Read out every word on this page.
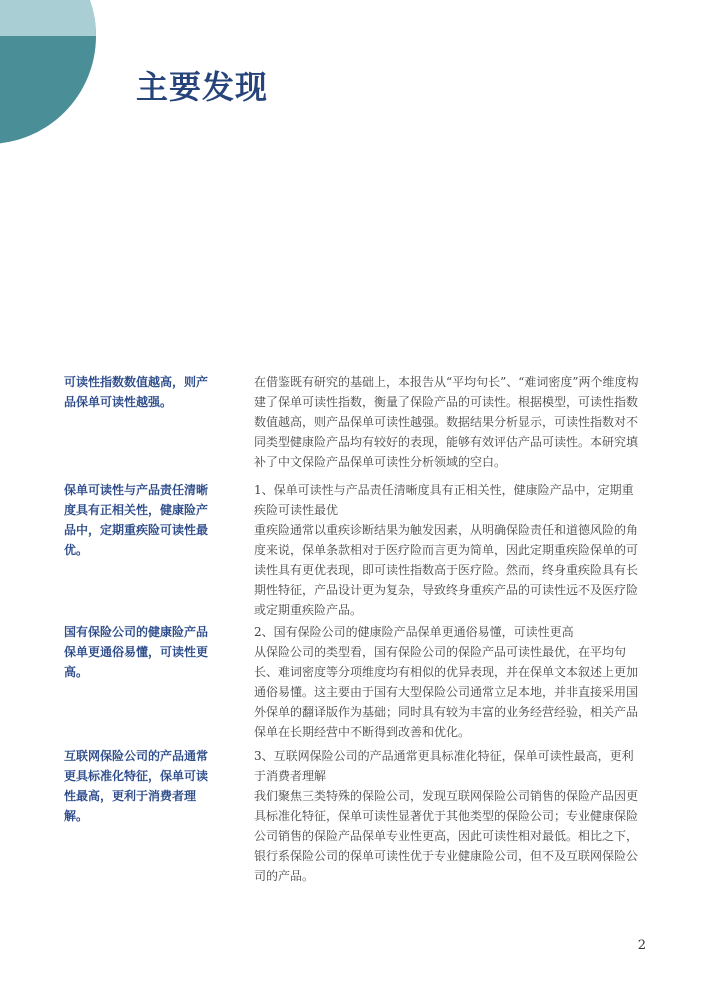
主要发现

可读性指数数值越高，则产品保单可读性越强。

在借鉴既有研究的基础上，本报告从“平均句长”、“难词密度”两个维度构建了保单可读性指数，衡量了保险产品的可读性。根据模型，可读性指数数值越高，则产品保单可读性越强。数据结果分析显示，可读性指数对不同类型健康险产品均有较好的表现，能够有效评估产品可读性。本研究填补了中文保险产品保单可读性分析领域的空白。

保单可读性与产品责任清晰度具有正相关性，健康险产品中，定期重疾险可读性最优。

1、保单可读性与产品责任清晰度具有正相关性，健康险产品中，定期重疾险可读性最优

重疾险通常以重疾诊断结果为触发因素，从明确保险责任和道德风险的角度来说，保单条款相对于医疗险而言更为简单，因此定期重疾险保单的可读性具有更优表现，即可读性指数高于医疗险。然而，终身重疾险具有长期性特征，产品设计更为复杂，导致终身重疾产品的可读性远不及医疗险或定期重疾险产品。

国有保险公司的健康险产品保单更通俗易懂，可读性更高。

2、国有保险公司的健康险产品保单更通俗易懂，可读性更高

从保险公司的类型看，国有保险公司的保险产品可读性最优，在平均句长、难词密度等分项维度均有相似的优异表现，并在保单文本叙述上更加通俗易懂。这主要由于国有大型保险公司通常立足本地，并非直接采用国外保单的翻译版作为基础；同时具有较为丰富的业务经营经验，相关产品保单在长期经营中不断得到改善和优化。

互联网保险公司的产品通常更具标准化特征，保单可读性最高，更利于消费者理解。

3、互联网保险公司的产品通常更具标准化特征，保单可读性最高，更利于消费者理解

我们聚焦三类特殊的保险公司，发现互联网保险公司销售的保险产品因更具标准化特征，保单可读性显著优于其他类型的保险公司；专业健康保险公司销售的保险产品保单专业性更高，因此可读性相对最低。相比之下，银行系保险公司的保单可读性优于专业健康险公司，但不及互联网保险公司的产品。

2
